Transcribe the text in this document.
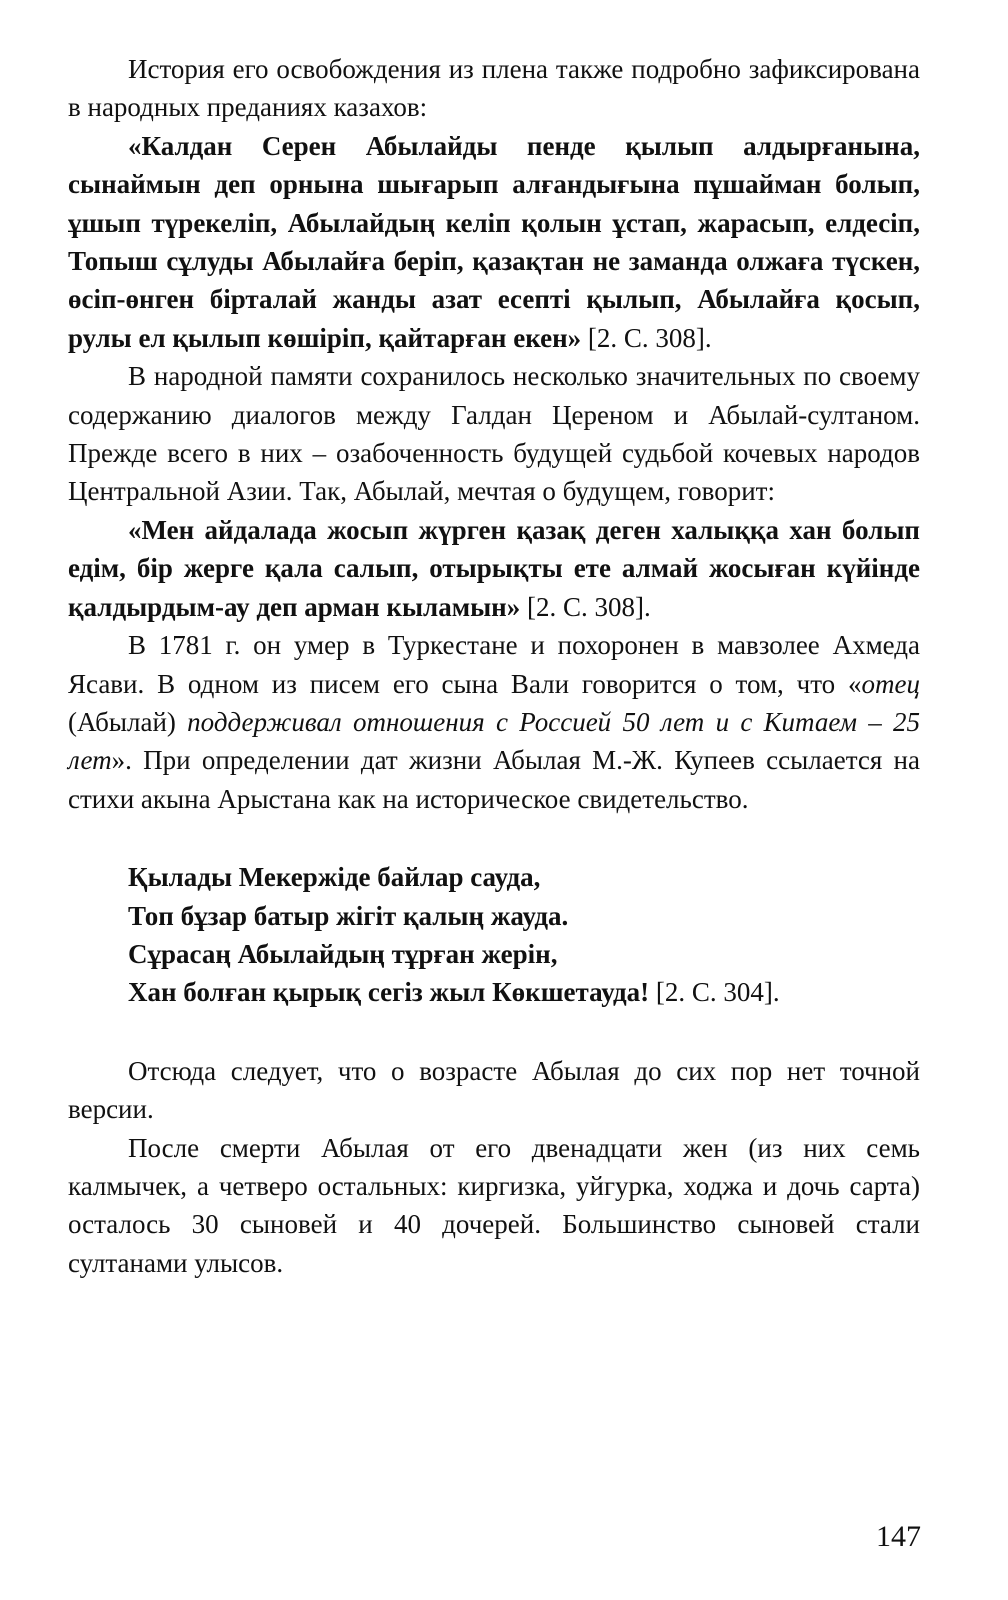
История его освобождения из плена также подробно зафиксирована в народных преданиях казахов:

«Калдан Серен Абылайды пенде қылып алдырғанына, сынаймын деп орнына шығарып алғандығына пұшайман болып, ұшып түрекеліп, Абылайдың келіп қолын ұстап, жарасып, елдесіп, Топыш сұлуды Абылайға беріп, қазақтан не заманда олжаға түскен, өсіп-өнген бірталай жанды азат есепті қылып, Абылайға қосып, рулы ел қылып көшіріп, қайтарған екен» [2. С. 308].

В народной памяти сохранилось несколько значительных по своему содержанию диалогов между Галдан Цереном и Абылай-султаном. Прежде всего в них – озабоченность будущей судьбой кочевых народов Центральной Азии. Так, Абылай, мечтая о будущем, говорит:

«Мен айдалада жосып жүрген қазақ деген халыққа хан болып едім, бір жерге қала салып, отырықты ете алмай жосыған күйінде қалдырдым-ау деп арман кыламын» [2. С. 308].

В 1781 г. он умер в Туркестане и похоронен в мавзолее Ахмеда Ясави. В одном из писем его сына Вали говорится о том, что «отец (Абылай) поддерживал отношения с Россией 50 лет и с Китаем – 25 лет». При определении дат жизни Абылая М.-Ж. Купеев ссылается на стихи акына Арыстана как на историческое свидетельство.

Қылады Мекержіде байлар сауда,
Топ бұзар батыр жігіт қалың жауда.
Сұрасаң Абылайдың тұрған жерін,
Хан болған қырық сегіз жыл Көкшетауда! [2. С. 304].

Отсюда следует, что о возрасте Абылая до сих пор нет точной версии.

После смерти Абылая от его двенадцати жен (из них семь калмычек, а четверо остальных: киргизка, уйгурка, ходжа и дочь сарта) осталось 30 сыновей и 40 дочерей. Большинство сыновей стали султанами улысов.

147
